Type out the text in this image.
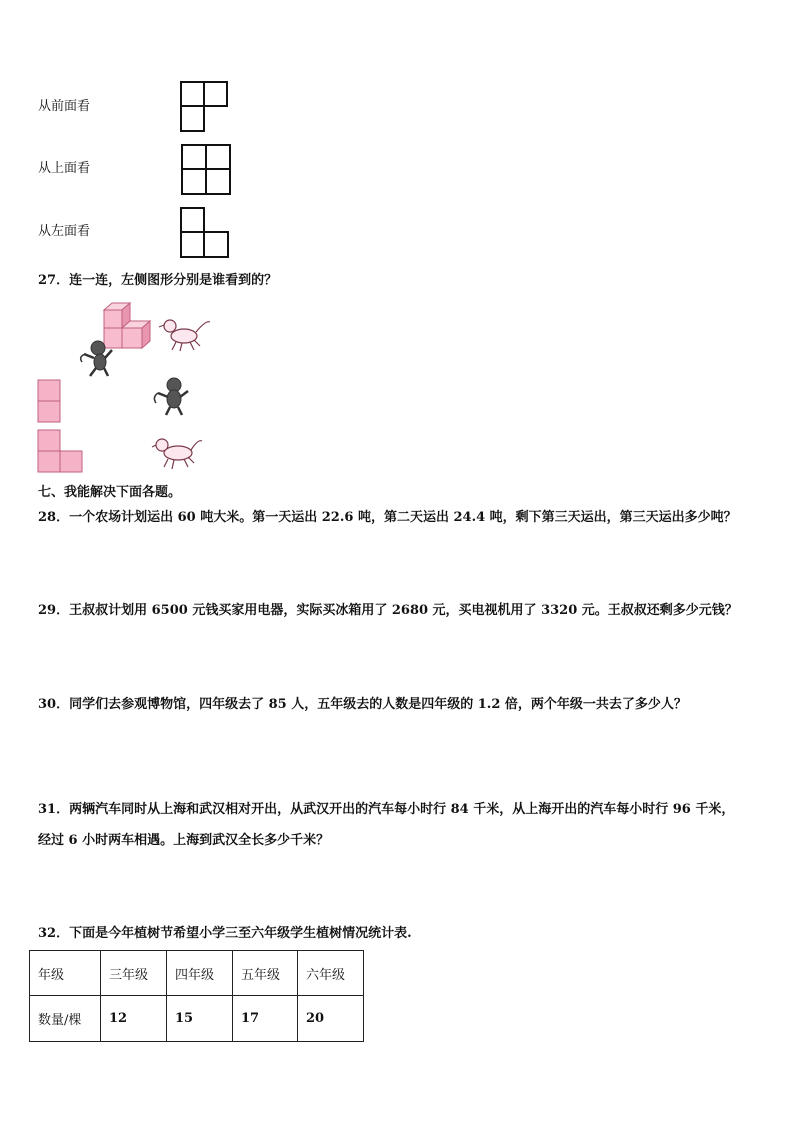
从前面看
从上面看
从左面看
27．连一连，左侧图形分别是谁看到的？
七、我能解决下面各题。
28．一个农场计划运出 60 吨大米。第一天运出 22.6 吨，第二天运出 24.4 吨，剩下第三天运出，第三天运出多少吨？
29．王叔叔计划用 6500 元钱买家用电器，实际买冰箱用了 2680 元，买电视机用了 3320 元。王叔叔还剩多少元钱？
30．同学们去参观博物馆，四年级去了 85 人，五年级去的人数是四年级的 1.2 倍，两个年级一共去了多少人？
31．两辆汽车同时从上海和武汉相对开出，从武汉开出的汽车每小时行 84 千米，从上海开出的汽车每小时行 96 千米，
经过 6 小时两车相遇。上海到武汉全长多少千米？
32．下面是今年植树节希望小学三至六年级学生植树情况统计表.
年级	三年级	四年级	五年级	六年级
数量/棵	12	15	17	20
